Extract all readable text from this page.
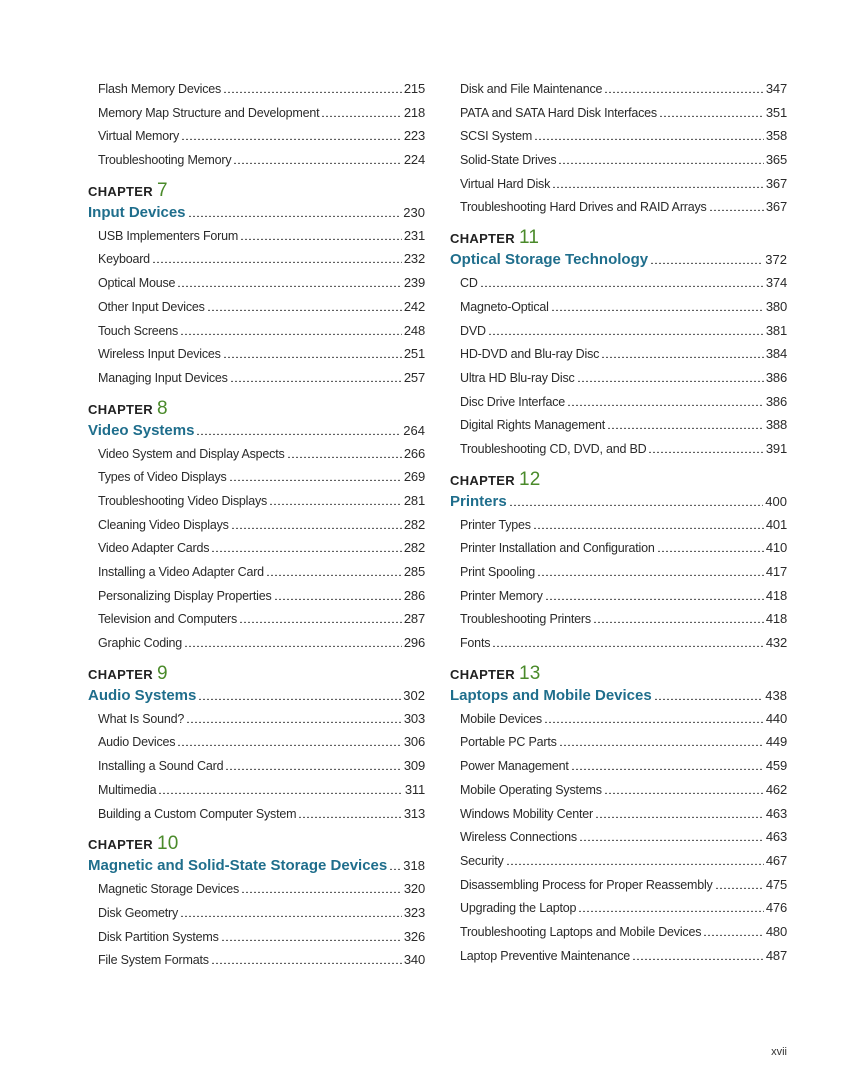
Flash Memory Devices	215
Memory Map Structure and Development	218
Virtual Memory	223
Troubleshooting Memory	224
CHAPTER 7
Input Devices	230
USB Implementers Forum	231
Keyboard	232
Optical Mouse	239
Other Input Devices	242
Touch Screens	248
Wireless Input Devices	251
Managing Input Devices	257
CHAPTER 8
Video Systems	264
Video System and Display Aspects	266
Types of Video Displays	269
Troubleshooting Video Displays	281
Cleaning Video Displays	282
Video Adapter Cards	282
Installing a Video Adapter Card	285
Personalizing Display Properties	286
Television and Computers	287
Graphic Coding	296
CHAPTER 9
Audio Systems	302
What Is Sound?	303
Audio Devices	306
Installing a Sound Card	309
Multimedia	311
Building a Custom Computer System	313
CHAPTER 10
Magnetic and Solid-State Storage Devices 318
Magnetic Storage Devices	320
Disk Geometry	323
Disk Partition Systems	326
File System Formats	340
Disk and File Maintenance	347
PATA and SATA Hard Disk Interfaces	351
SCSI System	358
Solid-State Drives	365
Virtual Hard Disk	367
Troubleshooting Hard Drives and RAID Arrays	367
CHAPTER 11
Optical Storage Technology	372
CD	374
Magneto-Optical	380
DVD	381
HD-DVD and Blu-ray Disc	384
Ultra HD Blu-ray Disc	386
Disc Drive Interface	386
Digital Rights Management	388
Troubleshooting CD, DVD, and BD	391
CHAPTER 12
Printers	400
Printer Types	401
Printer Installation and Configuration	410
Print Spooling	417
Printer Memory	418
Troubleshooting Printers	418
Fonts	432
CHAPTER 13
Laptops and Mobile Devices	438
Mobile Devices	440
Portable PC Parts	449
Power Management	459
Mobile Operating Systems	462
Windows Mobility Center	463
Wireless Connections	463
Security	467
Disassembling Process for Proper Reassembly	475
Upgrading the Laptop	476
Troubleshooting Laptops and Mobile Devices	480
Laptop Preventive Maintenance	487
xvii
